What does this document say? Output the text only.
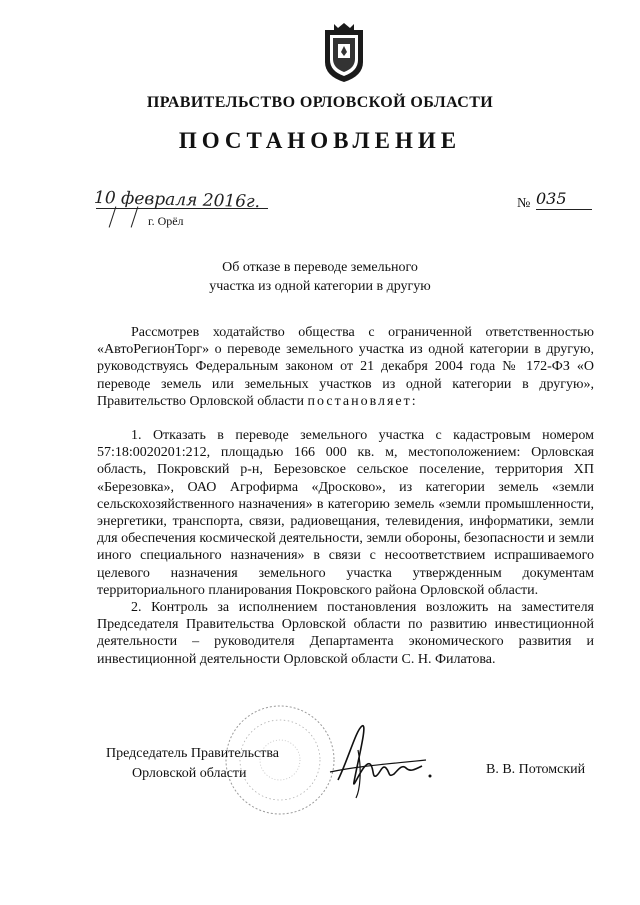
ПРАВИТЕЛЬСТВО ОРЛОВСКОЙ ОБЛАСТИ
ПОСТАНОВЛЕНИЕ
10 февраля 2016г.
г. Орёл
№ 035
Об отказе в переводе земельного
участка из одной категории в другую

Рассмотрев ходатайство общества с ограниченной ответственностью «АвтоРегионТорг» о переводе земельного участка из одной категории в другую, руководствуясь Федеральным законом от 21 декабря 2004 года № 172-ФЗ «О переводе земель или земельных участков из одной категории в другую», Правительство Орловской области постановляет:

1. Отказать в переводе земельного участка с кадастровым номером 57:18:0020201:212, площадью 166 000 кв. м, местоположением: Орловская область, Покровский р-н, Березовское сельское поселение, территория ХП «Березовка», ОАО Агрофирма «Дросково», из категории земель «земли сельскохозяйственного назначения» в категорию земель «земли промышленности, энергетики, транспорта, связи, радиовещания, телевидения, информатики, земли для обеспечения космической деятельности, земли обороны, безопасности и земли иного специального назначения» в связи с несоответствием испрашиваемого целевого назначения земельного участка утвержденным документам территориального планирования Покровского района Орловской области.

2. Контроль за исполнением постановления возложить на заместителя Председателя Правительства Орловской области по развитию инвестиционной деятельности – руководителя Департамента экономического развития и инвестиционной деятельности Орловской области С. Н. Филатова.

Председатель Правительства
Орловской области	В. В. Потомский
